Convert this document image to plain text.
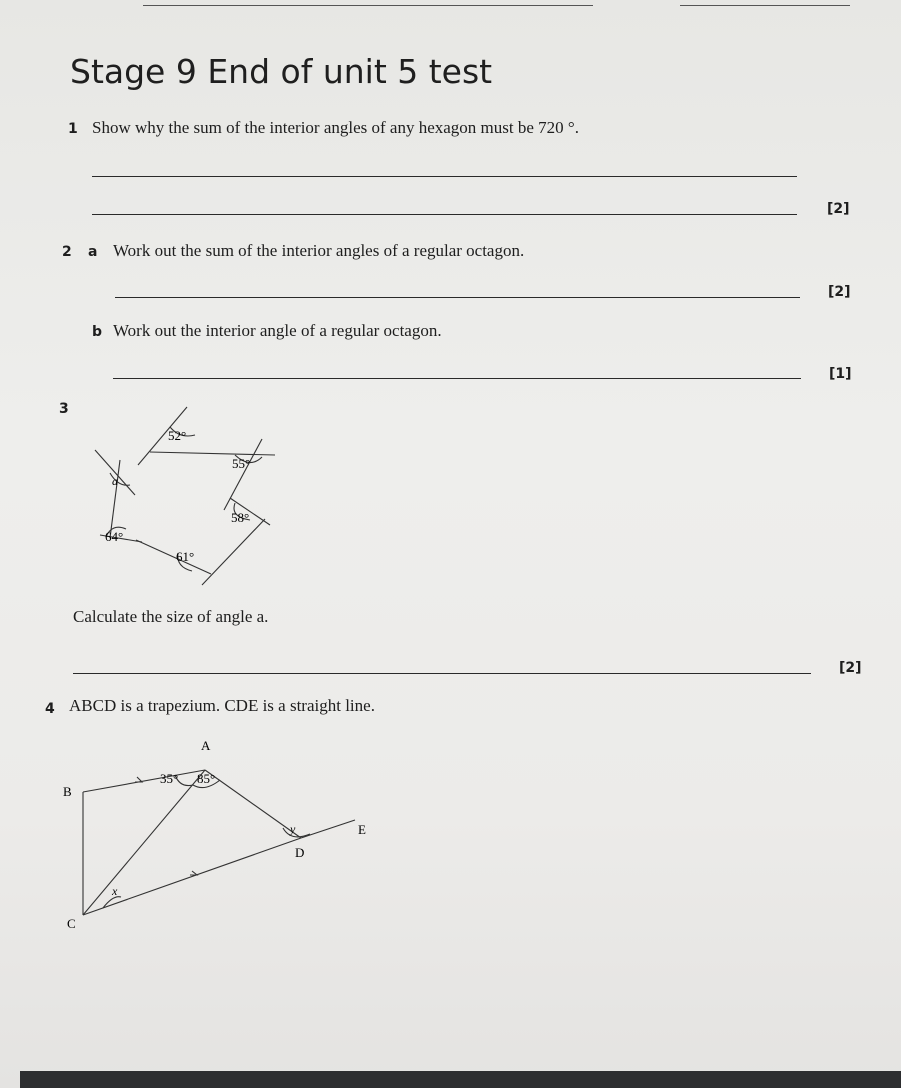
Stage 9 End of unit 5 test
1 Show why the sum of the interior angles of any hexagon must be 720 °.
[2]
2 a Work out the sum of the interior angles of a regular octagon.
[2]
b Work out the interior angle of a regular octagon.
[1]
3
52°
55°
58°
61°
64°
a
Calculate the size of angle a.
[2]
4 ABCD is a trapezium. CDE is a straight line.
A
B
C
D
E
35° 85°
y
x
